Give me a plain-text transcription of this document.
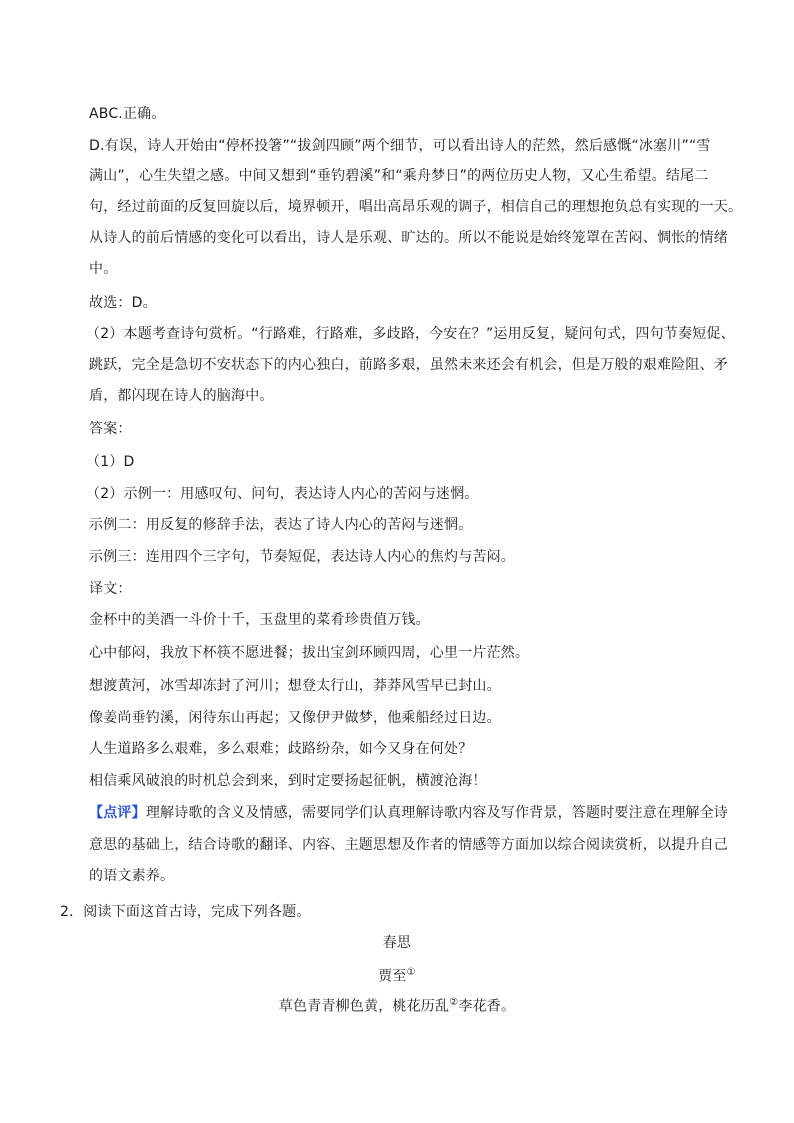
ABC.正确。
D.有误，诗人开始由“停杯投箸”“拔剑四顾”两个细节，可以看出诗人的茫然，然后感慨“冰塞川”“雪
满山”，心生失望之感。中间又想到“垂钓碧溪”和“乘舟梦日”的两位历史人物，又心生希望。结尾二
句，经过前面的反复回旋以后，境界顿开，唱出高昂乐观的调子，相信自己的理想抱负总有实现的一天。
从诗人的前后情感的变化可以看出，诗人是乐观、旷达的。所以不能说是始终笼罩在苦闷、惆怅的情绪
中。
故选：D。
（2）本题考查诗句赏析。“行路难，行路难，多歧路，今安在？”运用反复，疑问句式，四句节奏短促、
跳跃，完全是急切不安状态下的内心独白，前路多艰，虽然未来还会有机会，但是万般的艰难险阻、矛
盾，都闪现在诗人的脑海中。
答案：
（1）D
（2）示例一：用感叹句、问句，表达诗人内心的苦闷与迷惘。
示例二：用反复的修辞手法，表达了诗人内心的苦闷与迷惘。
示例三：连用四个三字句，节奏短促，表达诗人内心的焦灼与苦闷。
译文：
金杯中的美酒一斗价十千，玉盘里的菜肴珍贵值万钱。
心中郁闷，我放下杯筷不愿进餐；拔出宝剑环顾四周，心里一片茫然。
想渡黄河，冰雪却冻封了河川；想登太行山，莽莽风雪早已封山。
像姜尚垂钓溪，闲待东山再起；又像伊尹做梦，他乘船经过日边。
人生道路多么艰难，多么艰难；歧路纷杂，如今又身在何处？
相信乘风破浪的时机总会到来，到时定要扬起征帆，横渡沧海！
【点评】理解诗歌的含义及情感，需要同学们认真理解诗歌内容及写作背景，答题时要注意在理解全诗
意思的基础上，结合诗歌的翻译、内容、主题思想及作者的情感等方面加以综合阅读赏析，以提升自己
的语文素养。
2．阅读下面这首古诗，完成下列各题。
春思
贾至①
草色青青柳色黄，桃花历乱②李花香。
